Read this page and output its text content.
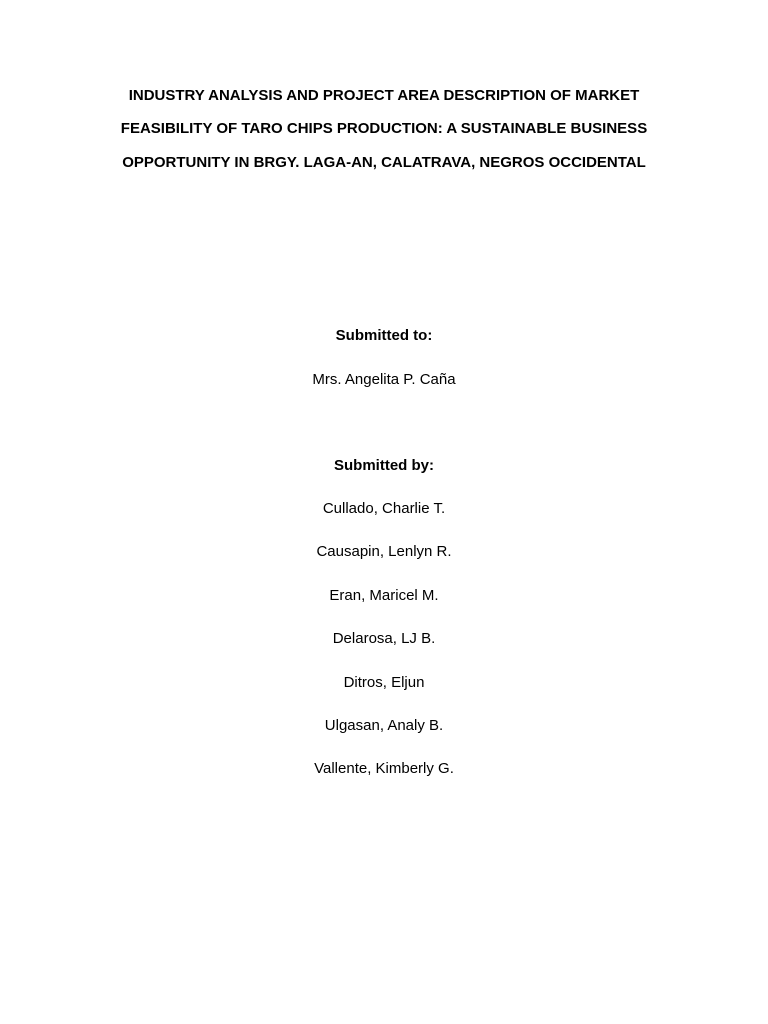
INDUSTRY ANALYSIS AND PROJECT AREA DESCRIPTION OF MARKET
FEASIBILITY OF TARO CHIPS PRODUCTION: A SUSTAINABLE BUSINESS
OPPORTUNITY IN BRGY. LAGA-AN, CALATRAVA, NEGROS OCCIDENTAL
Submitted to:
Mrs. Angelita P. Caña
Submitted by:
Cullado, Charlie T.
Causapin, Lenlyn R.
Eran, Maricel M.
Delarosa, LJ B.
Ditros, Eljun
Ulgasan, Analy B.
Vallente, Kimberly G.
